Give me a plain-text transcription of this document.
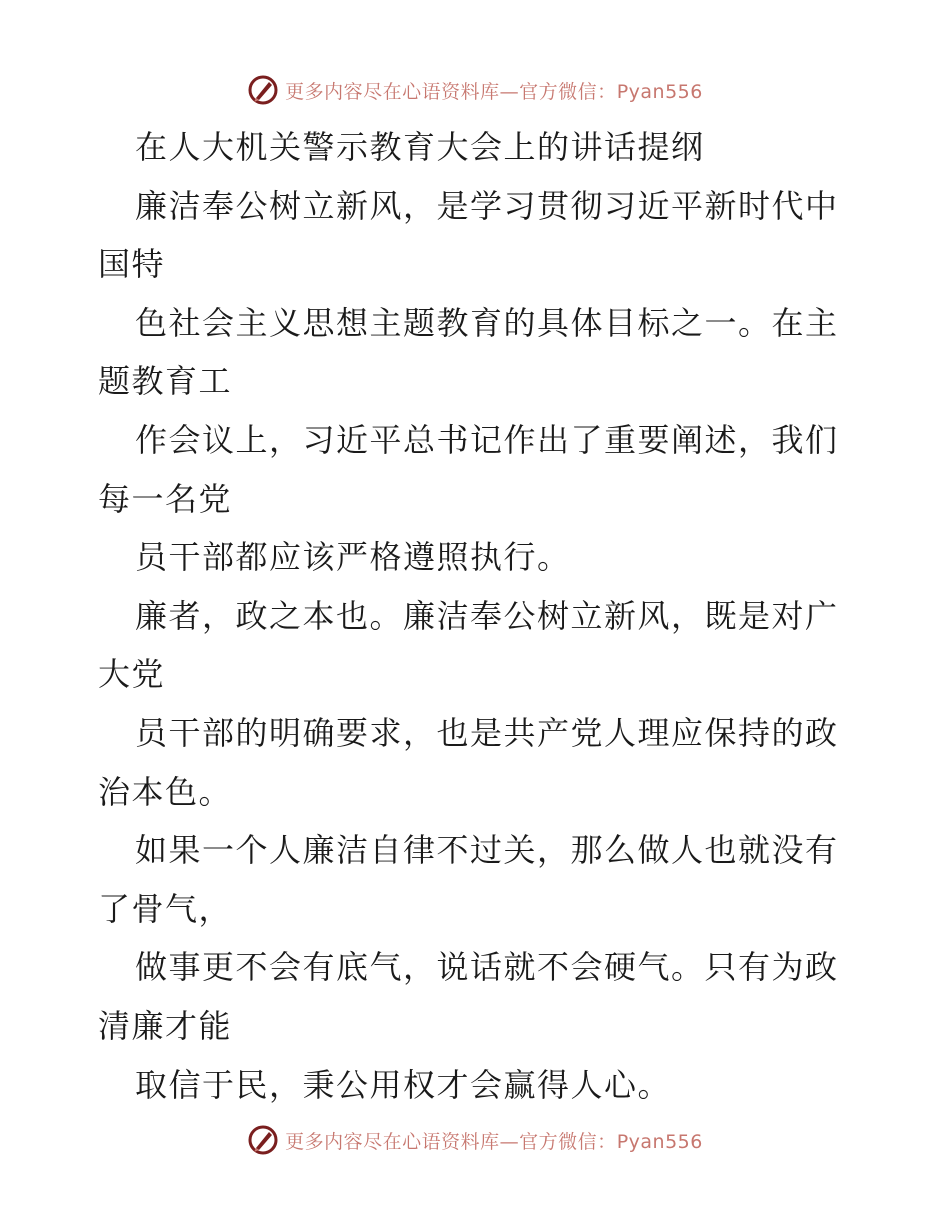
更多内容尽在心语资料库—官方微信：Pyan556
在人大机关警示教育大会上的讲话提纲
廉洁奉公树立新风，是学习贯彻习近平新时代中
国特
色社会主义思想主题教育的具体目标之一。在主
题教育工
作会议上，习近平总书记作出了重要阐述，我们
每一名党
员干部都应该严格遵照执行。
廉者，政之本也。廉洁奉公树立新风，既是对广
大党
员干部的明确要求，也是共产党人理应保持的政
治本色。
如果一个人廉洁自律不过关，那么做人也就没有
了骨气，
做事更不会有底气，说话就不会硬气。只有为政
清廉才能
取信于民，秉公用权才会赢得人心。
更多内容尽在心语资料库—官方微信：Pyan556
